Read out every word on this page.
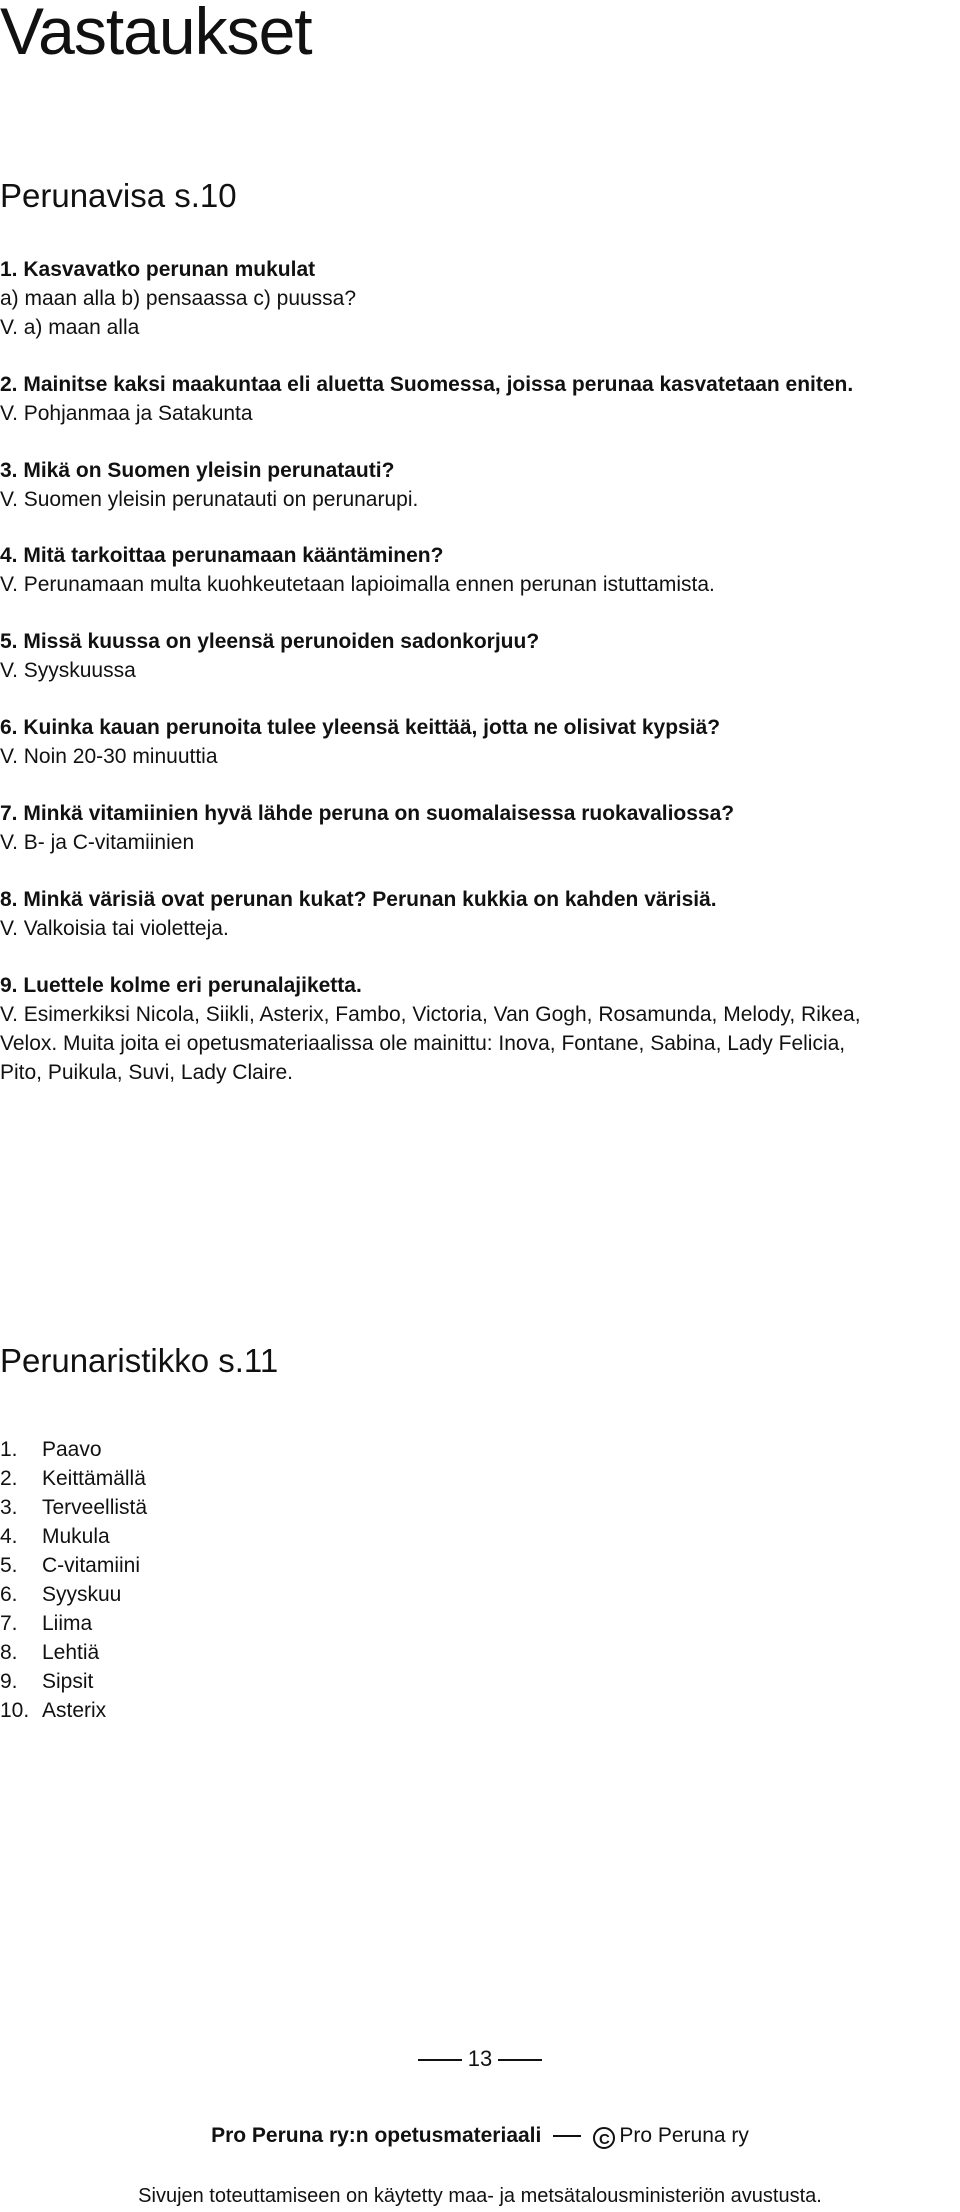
Vastaukset
Perunavisa s.10
1. Kasvavatko perunan mukulat
a) maan alla b) pensaassa c) puussa?
V. a) maan alla
2. Mainitse kaksi maakuntaa eli aluetta Suomessa, joissa perunaa kasvatetaan eniten.
V. Pohjanmaa ja Satakunta
3. Mikä on Suomen yleisin perunatauti?
V. Suomen yleisin perunatauti on perunarupi.
4. Mitä tarkoittaa perunamaan kääntäminen?
V. Perunamaan multa kuohkeutetaan lapioimalla ennen perunan istuttamista.
5. Missä kuussa on yleensä perunoiden sadonkorjuu?
V. Syyskuussa
6. Kuinka kauan perunoita tulee yleensä keittää, jotta ne olisivat kypsiä?
V. Noin 20-30 minuuttia
7. Minkä vitamiinien hyvä lähde peruna on suomalaisessa ruokavaliossa?
V. B- ja C-vitamiinien
8. Minkä värisiä ovat perunan kukat? Perunan kukkia on kahden värisiä.
V. Valkoisia tai violetteja.
9. Luettele kolme eri perunalajiketta.
V. Esimerkiksi Nicola, Siikli, Asterix, Fambo, Victoria, Van Gogh, Rosamunda, Melody, Rikea,
Velox. Muita joita ei opetusmateriaalissa ole mainittu: Inova, Fontane, Sabina, Lady Felicia,
Pito, Puikula, Suvi, Lady Claire.
Perunaristikko s.11
1. Paavo
2. Keittämällä
3. Terveellistä
4. Mukula
5. C-vitamiini
6. Syyskuu
7. Liima
8. Lehtiä
9. Sipsit
10. Asterix
13
Pro Peruna ry:n opetusmateriaali	C Pro Peruna ry
Sivujen toteuttamiseen on käytetty maa- ja metsätalousministeriön avustusta.
